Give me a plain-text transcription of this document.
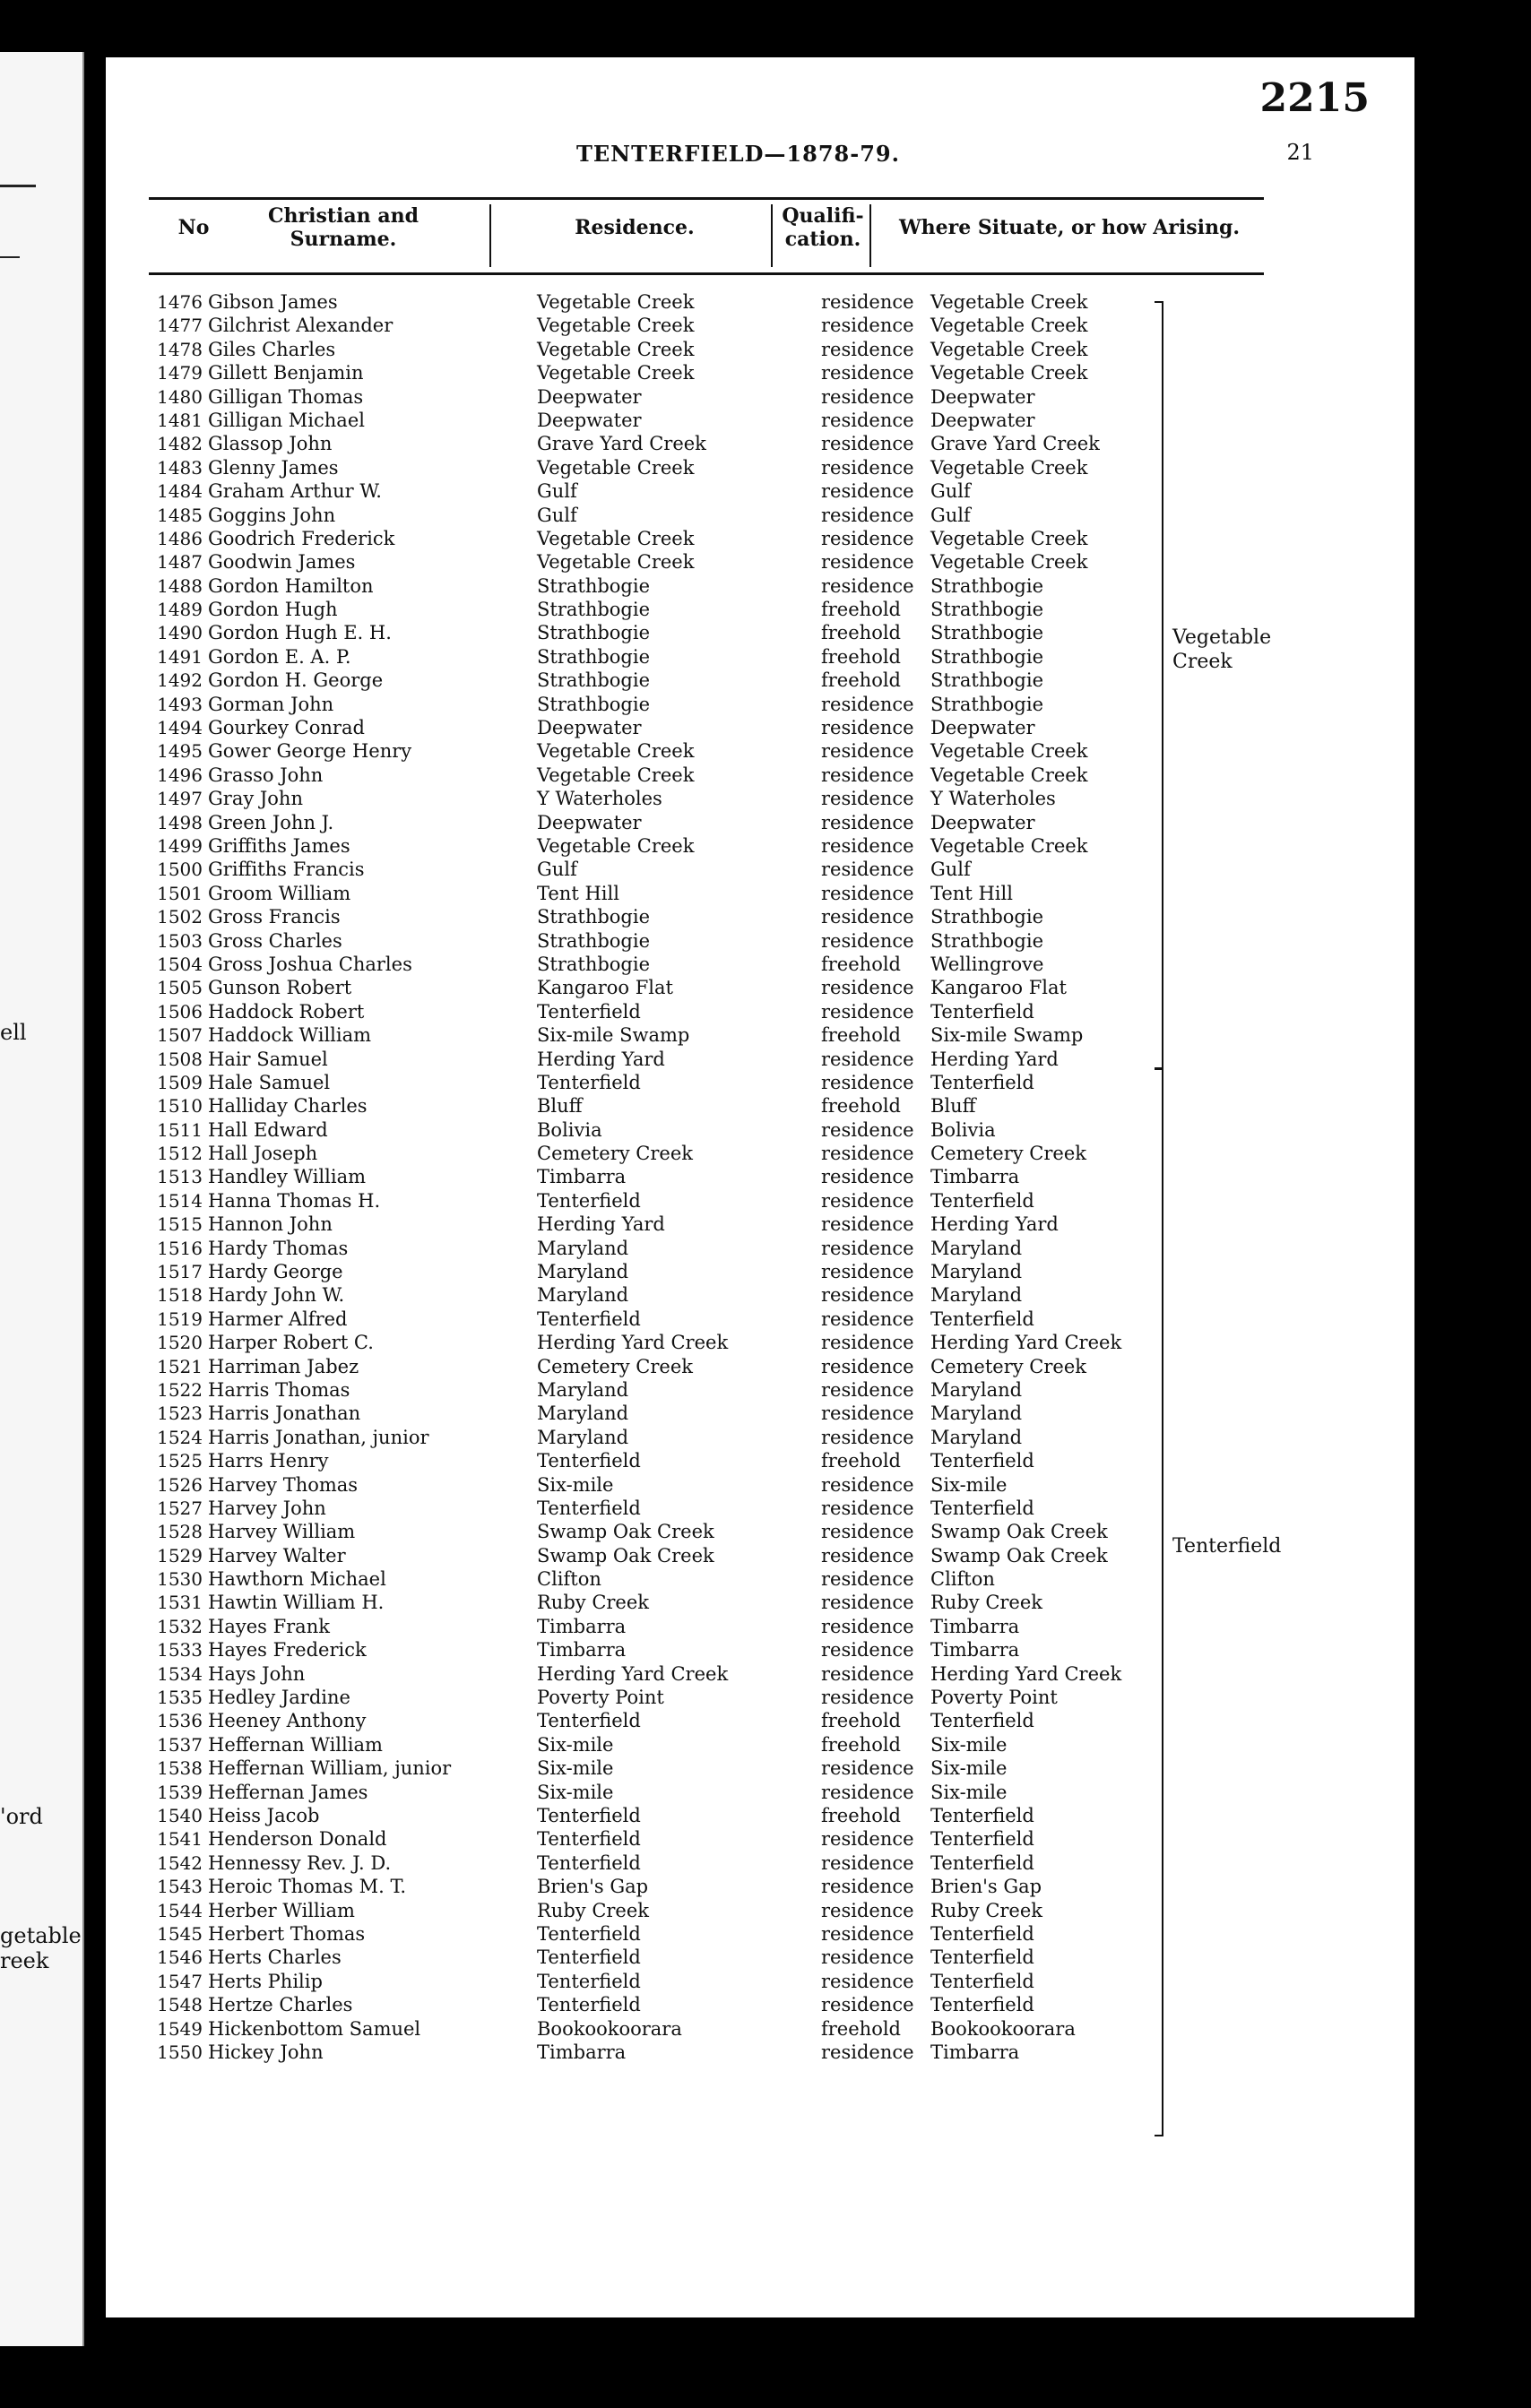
ell
'ord
getable
reek
2215
21
TENTERFIELD—1878-79.
No
Christian and Surname.
Residence.
Qualifi-
cation.
Where Situate, or how Arising.
1476 Gibson James	Vegetable Creek	residence Vegetable Creek
1477 Gilchrist Alexander	Vegetable Creek	residence Vegetable Creek
1478 Giles Charles	Vegetable Creek	residence Vegetable Creek
1479 Gillett Benjamin	Vegetable Creek	residence Vegetable Creek
1480 Gilligan Thomas	Deepwater	residence Deepwater
1481 Gilligan Michael	Deepwater	residence Deepwater
1482 Glassop John	Grave Yard Creek	residence Grave Yard Creek
1483 Glenny James	Vegetable Creek	residence Vegetable Creek
1484 Graham Arthur W.	Gulf	residence Gulf
1485 Goggins John	Gulf	residence Gulf
1486 Goodrich Frederick	Vegetable Creek	residence Vegetable Creek
1487 Goodwin James	Vegetable Creek	residence Vegetable Creek
1488 Gordon Hamilton	Strathbogie	residence Strathbogie
1489 Gordon Hugh	Strathbogie	freehold Strathbogie
1490 Gordon Hugh E. H.	Strathbogie	freehold Strathbogie
1491 Gordon E. A. P.	Strathbogie	freehold Strathbogie
1492 Gordon H. George	Strathbogie	freehold Strathbogie
1493 Gorman John	Strathbogie	residence Strathbogie
1494 Gourkey Conrad	Deepwater	residence Deepwater
1495 Gower George Henry	Vegetable Creek	residence Vegetable Creek
1496 Grasso John	Vegetable Creek	residence Vegetable Creek
1497 Gray John	Y Waterholes	residence Y Waterholes
1498 Green John J.	Deepwater	residence Deepwater
1499 Griffiths James	Vegetable Creek	residence Vegetable Creek
1500 Griffiths Francis	Gulf	residence Gulf
1501 Groom William	Tent Hill	residence Tent Hill
1502 Gross Francis	Strathbogie	residence Strathbogie
1503 Gross Charles	Strathbogie	residence Strathbogie
1504 Gross Joshua Charles	Strathbogie	freehold Wellingrove
1505 Gunson Robert	Kangaroo Flat	residence Kangaroo Flat
1506 Haddock Robert	Tenterfield	residence Tenterfield
1507 Haddock William	Six-mile Swamp	freehold Six-mile Swamp
1508 Hair Samuel	Herding Yard	residence Herding Yard
1509 Hale Samuel	Tenterfield	residence Tenterfield
1510 Halliday Charles	Bluff	freehold Bluff
1511 Hall Edward	Bolivia	residence Bolivia
1512 Hall Joseph	Cemetery Creek	residence Cemetery Creek
1513 Handley William	Timbarra	residence Timbarra
1514 Hanna Thomas H.	Tenterfield	residence Tenterfield
1515 Hannon John	Herding Yard	residence Herding Yard
1516 Hardy Thomas	Maryland	residence Maryland
1517 Hardy George	Maryland	residence Maryland
1518 Hardy John W.	Maryland	residence Maryland
1519 Harmer Alfred	Tenterfield	residence Tenterfield
1520 Harper Robert C.	Herding Yard Creek	residence Herding Yard Creek
1521 Harriman Jabez	Cemetery Creek	residence Cemetery Creek
1522 Harris Thomas	Maryland	residence Maryland
1523 Harris Jonathan	Maryland	residence Maryland
1524 Harris Jonathan, junior	Maryland	residence Maryland
1525 Harrs Henry	Tenterfield	freehold Tenterfield
1526 Harvey Thomas	Six-mile	residence Six-mile
1527 Harvey John	Tenterfield	residence Tenterfield
1528 Harvey William	Swamp Oak Creek	residence Swamp Oak Creek
1529 Harvey Walter	Swamp Oak Creek	residence Swamp Oak Creek
1530 Hawthorn Michael	Clifton	residence Clifton
1531 Hawtin William H.	Ruby Creek	residence Ruby Creek
1532 Hayes Frank	Timbarra	residence Timbarra
1533 Hayes Frederick	Timbarra	residence Timbarra
1534 Hays John	Herding Yard Creek	residence Herding Yard Creek
1535 Hedley Jardine	Poverty Point	residence Poverty Point
1536 Heeney Anthony	Tenterfield	freehold Tenterfield
1537 Heffernan William	Six-mile	freehold Six-mile
1538 Heffernan William, junior	Six-mile	residence Six-mile
1539 Heffernan James	Six-mile	residence Six-mile
1540 Heiss Jacob	Tenterfield	freehold Tenterfield
1541 Henderson Donald	Tenterfield	residence Tenterfield
1542 Hennessy Rev. J. D.	Tenterfield	residence Tenterfield
1543 Heroic Thomas M. T.	Brien's Gap	residence Brien's Gap
1544 Herber William	Ruby Creek	residence Ruby Creek
1545 Herbert Thomas	Tenterfield	residence Tenterfield
1546 Herts Charles	Tenterfield	residence Tenterfield
1547 Herts Philip	Tenterfield	residence Tenterfield
1548 Hertze Charles	Tenterfield	residence Tenterfield
1549 Hickenbottom Samuel	Bookookoorara	freehold Bookookoorara
1550 Hickey John	Timbarra	residence Timbarra
Vegetable
Creek
Tenterfield
